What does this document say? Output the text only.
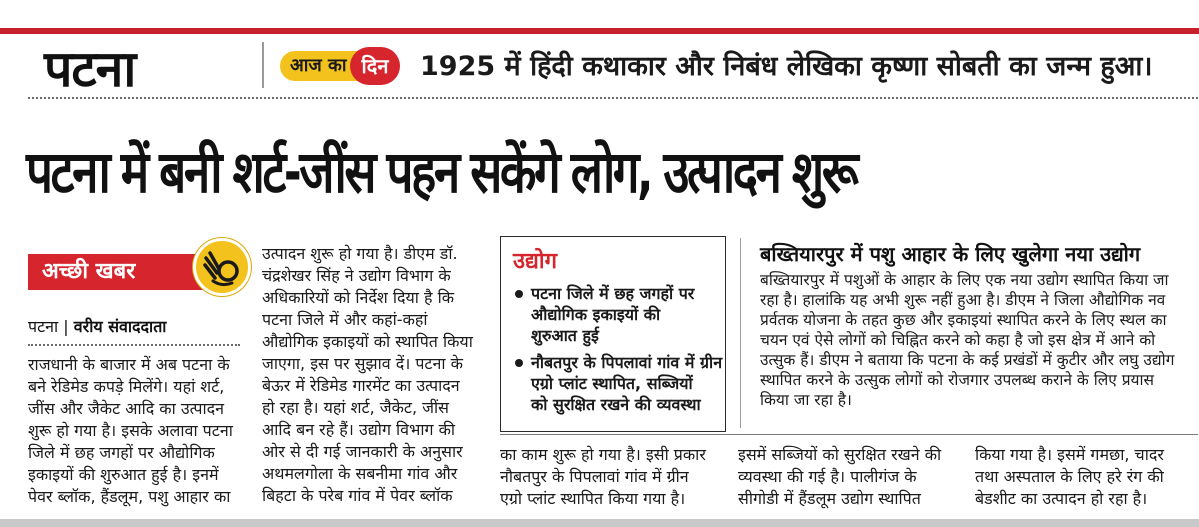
पटना	आज का दिन	1925 में हिंदी कथाकार और निबंध लेखिका कृष्णा सोबती का जन्म हुआ।
पटना में बनी शर्ट-जींस पहन सकेंगे लोग, उत्पादन शुरू
अच्छी खबर
पटना | वरीय संवाददाता
राजधानी के बाजार में अब पटना के
बने रेडिमेड कपड़े मिलेंगे। यहां शर्ट,
जींस और जैकेट आदि का उत्पादन
शुरू हो गया है। इसके अलावा पटना
जिले में छह जगहों पर औद्योगिक
इकाइयों की शुरुआत हुई है। इनमें
पेवर ब्लॉक, हैंडलूम, पशु आहार का
उत्पादन शुरू हो गया है। डीएम डॉ.
चंद्रशेखर सिंह ने उद्योग विभाग के
अधिकारियों को निर्देश दिया है कि
पटना जिले में और कहां-कहां
औद्योगिक इकाइयों को स्थापित किया
जाएगा, इस पर सुझाव दें। पटना के
बेऊर में रेडिमेड गारमेंट का उत्पादन
हो रहा है। यहां शर्ट, जैकेट, जींस
आदि बन रहे हैं। उद्योग विभाग की
ओर से दी गई जानकारी के अनुसार
अथमलगोला के सबनीमा गांव और
बिहटा के परेब गांव में पेवर ब्लॉक
उद्योग
पटना जिले में छह जगहों पर
औद्योगिक इकाइयों की
शुरुआत हुई
नौबतपुर के पिपलावां गांव में ग्रीन
एग्रो प्लांट स्थापित, सब्जियों
को सुरक्षित रखने की व्यवस्था
बख्तियारपुर में पशु आहार के लिए खुलेगा नया उद्योग
बख्तियारपुर में पशुओं के आहार के लिए एक नया उद्योग स्थापित किया जा
रहा है। हालांकि यह अभी शुरू नहीं हुआ है। डीएम ने जिला औद्योगिक नव
प्रर्वतक योजना के तहत कुछ और इकाइयां स्थापित करने के लिए स्थल का
चयन एवं ऐसे लोगों को चिह्नित करने को कहा है जो इस क्षेत्र में आने को
उत्सुक हैं। डीएम ने बताया कि पटना के कई प्रखंडों में कुटीर और लघु उद्योग
स्थापित करने के उत्सुक लोगों को रोजगार उपलब्ध कराने के लिए प्रयास
किया जा रहा है।
का काम शुरू हो गया है। इसी प्रकार
नौबतपुर के पिपलावां गांव में ग्रीन
एग्रो प्लांट स्थापित किया गया है।
इसमें सब्जियों को सुरक्षित रखने की
व्यवस्था की गई है। पालीगंज के
सीगोडी में हैंडलूम उद्योग स्थापित
किया गया है। इसमें गमछा, चादर
तथा अस्पताल के लिए हरे रंग की
बेडशीट का उत्पादन हो रहा है।
